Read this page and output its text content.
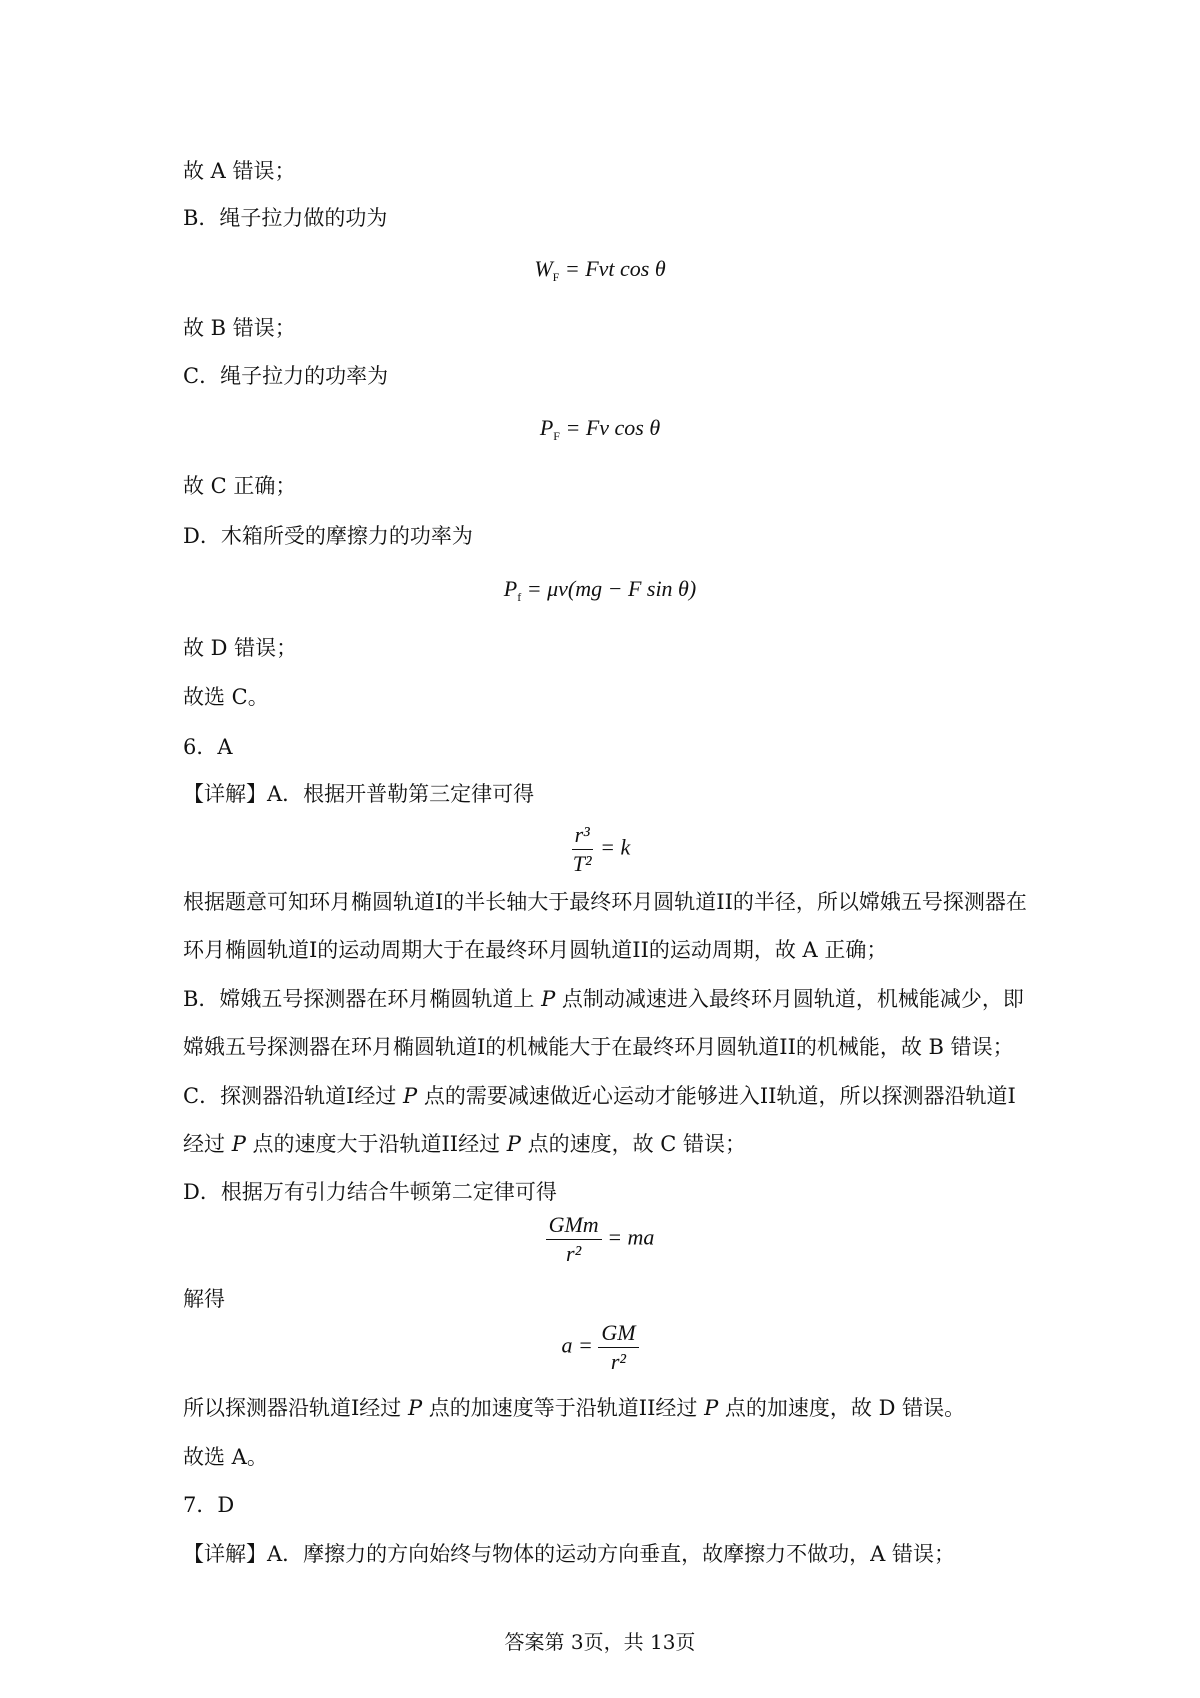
故 A 错误；
B．绳子拉力做的功为
$W_F$ = Fvt cos θ
故 B 错误；
C．绳子拉力的功率为
$P_F = Fv$ cos θ
故 C 正确；
D．木箱所受的摩擦力的功率为
$P_f = \mu v(mg - F$ sin θ)
故 D 错误；
故选 C。
6．A
【详解】A．根据开普勒第三定律可得
$\frac{\text{r³}}{\text{T²}} = k$
根据题意可知环月椭圆轨道I的半长轴大于最终环月圆轨道II的半径，所以嫦娥五号探测器在
环月椭圆轨道I的运动周期大于在最终环月圆轨道II的运动周期，故 A 正确；
B．嫦娥五号探测器在环月椭圆轨道上 P 点制动减速进入最终环月圆轨道，机械能减少，即
嫦娥五号探测器在环月椭圆轨道I的机械能大于在最终环月圆轨道II的机械能，故 B 错误；
C．探测器沿轨道I经过 P 点的需要减速做近心运动才能够进入II轨道，所以探测器沿轨道I
经过 P 点的速度大于沿轨道II经过 P 点的速度，故 C 错误；
D．根据万有引力结合牛顿第二定律可得
$\frac{\text{GMm}}{\text{r²}}$ = ma
解得
$a = \frac{GM}{\text{r²}}$
所以探测器沿轨道I经过 P 点的加速度等于沿轨道II经过 P 点的加速度，故 D 错误。
故选 A。
7．D
【详解】A．摩擦力的方向始终与物体的运动方向垂直，故摩擦力不做功，A 错误；
答案第 3页，共 13页
